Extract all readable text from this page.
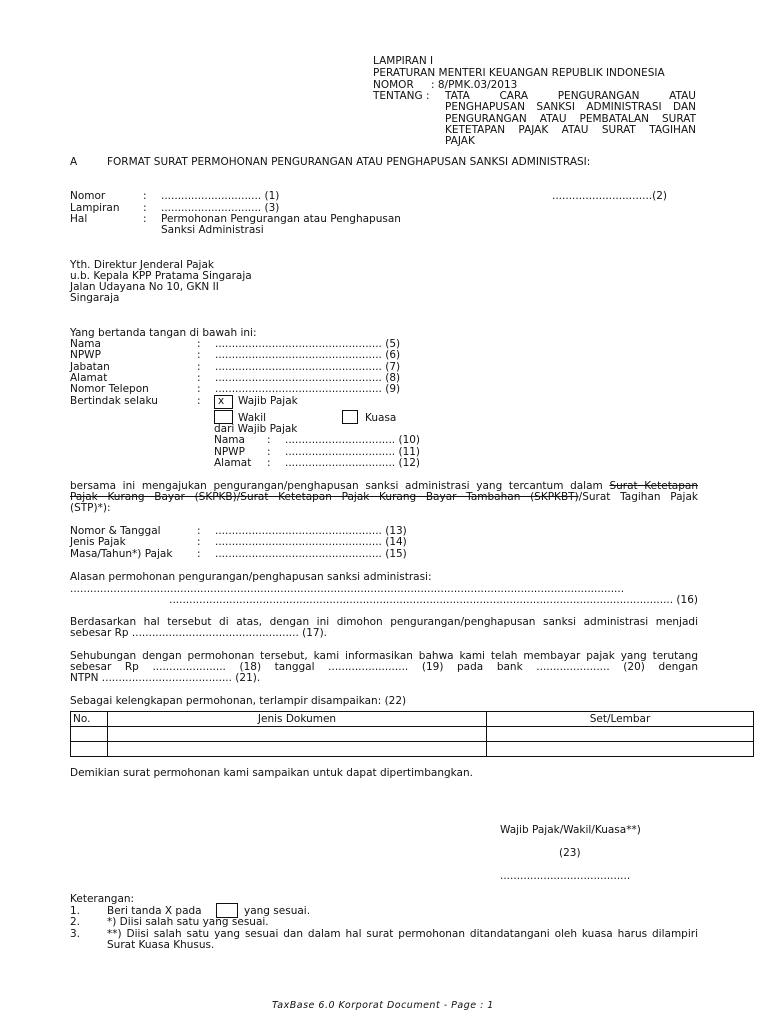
LAMPIRAN I
PERATURAN MENTERI KEUANGAN REPUBLIK INDONESIA
NOMOR : 8/PMK.03/2013
TENTANG : TATA CARA PENGURANGAN ATAU
PENGHAPUSAN SANKSI ADMINISTRASI DAN
PENGURANGAN ATAU PEMBATALAN SURAT
KETETAPAN PAJAK ATAU SURAT TAGIHAN
PAJAK
A	FORMAT SURAT PERMOHONAN PENGURANGAN ATAU PENGHAPUSAN SANKSI ADMINISTRASI:
Nomor	: .............................. (1)	..............................(2)
Lampiran : .............................. (3)
Hal	: Permohonan Pengurangan atau Penghapusan
Sanksi Administrasi
Yth. Direktur Jenderal Pajak
u.b. Kepala KPP Pratama Singaraja
Jalan Udayana No 10, GKN II
Singaraja
Yang bertanda tangan di bawah ini:
Nama	: .................................................. (5)
NPWP	: .................................................. (6)
Jabatan	: .................................................. (7)
Alamat	: .................................................. (8)
Nomor Telepon	: .................................................. (9)
Bertindak selaku	: x Wajib Pajak
Wakil	Kuasa
dari Wajib Pajak
Nama : ................................. (10)
NPWP : ................................. (11)
Alamat : ................................. (12)
bersama ini mengajukan pengurangan/penghapusan sanksi administrasi yang tercantum dalam Surat Ketetapan
Pajak Kurang Bayar (SKPKB)/Surat Ketetapan Pajak Kurang Bayar Tambahan (SKPKBT)/Surat Tagihan Pajak
(STP)*):
Nomor & Tanggal	: .................................................. (13)
Jenis Pajak	: .................................................. (14)
Masa/Tahun*) Pajak : .................................................. (15)
Alasan permohonan pengurangan/penghapusan sanksi administrasi:
......................................................................................................................................................................
....................................................................................................................................................... (16)
Berdasarkan hal tersebut di atas, dengan ini dimohon pengurangan/penghapusan sanksi administrasi menjadi
sebesar Rp .................................................. (17).
Sehubungan dengan permohonan tersebut, kami informasikan bahwa kami telah membayar pajak yang terutang
sebesar Rp ...................... (18) tanggal ........................ (19) pada bank ...................... (20) dengan
NTPN ....................................... (21).
Sebagai kelengkapan permohonan, terlampir disampaikan: (22)
No.	Jenis Dokumen	Set/Lembar

Demikian surat permohonan kami sampaikan untuk dapat dipertimbangkan.
Wajib Pajak/Wakil/Kuasa**)
(23)
.......................................
Keterangan:
1.	Beri tanda X pada	yang sesuai.
2.	*) Diisi salah satu yang sesuai.
3.	**) Diisi salah satu yang sesuai dan dalam hal surat permohonan ditandatangani oleh kuasa harus dilampiri
Surat Kuasa Khusus.
TaxBase 6.0 Korporat Document - Page : 1
